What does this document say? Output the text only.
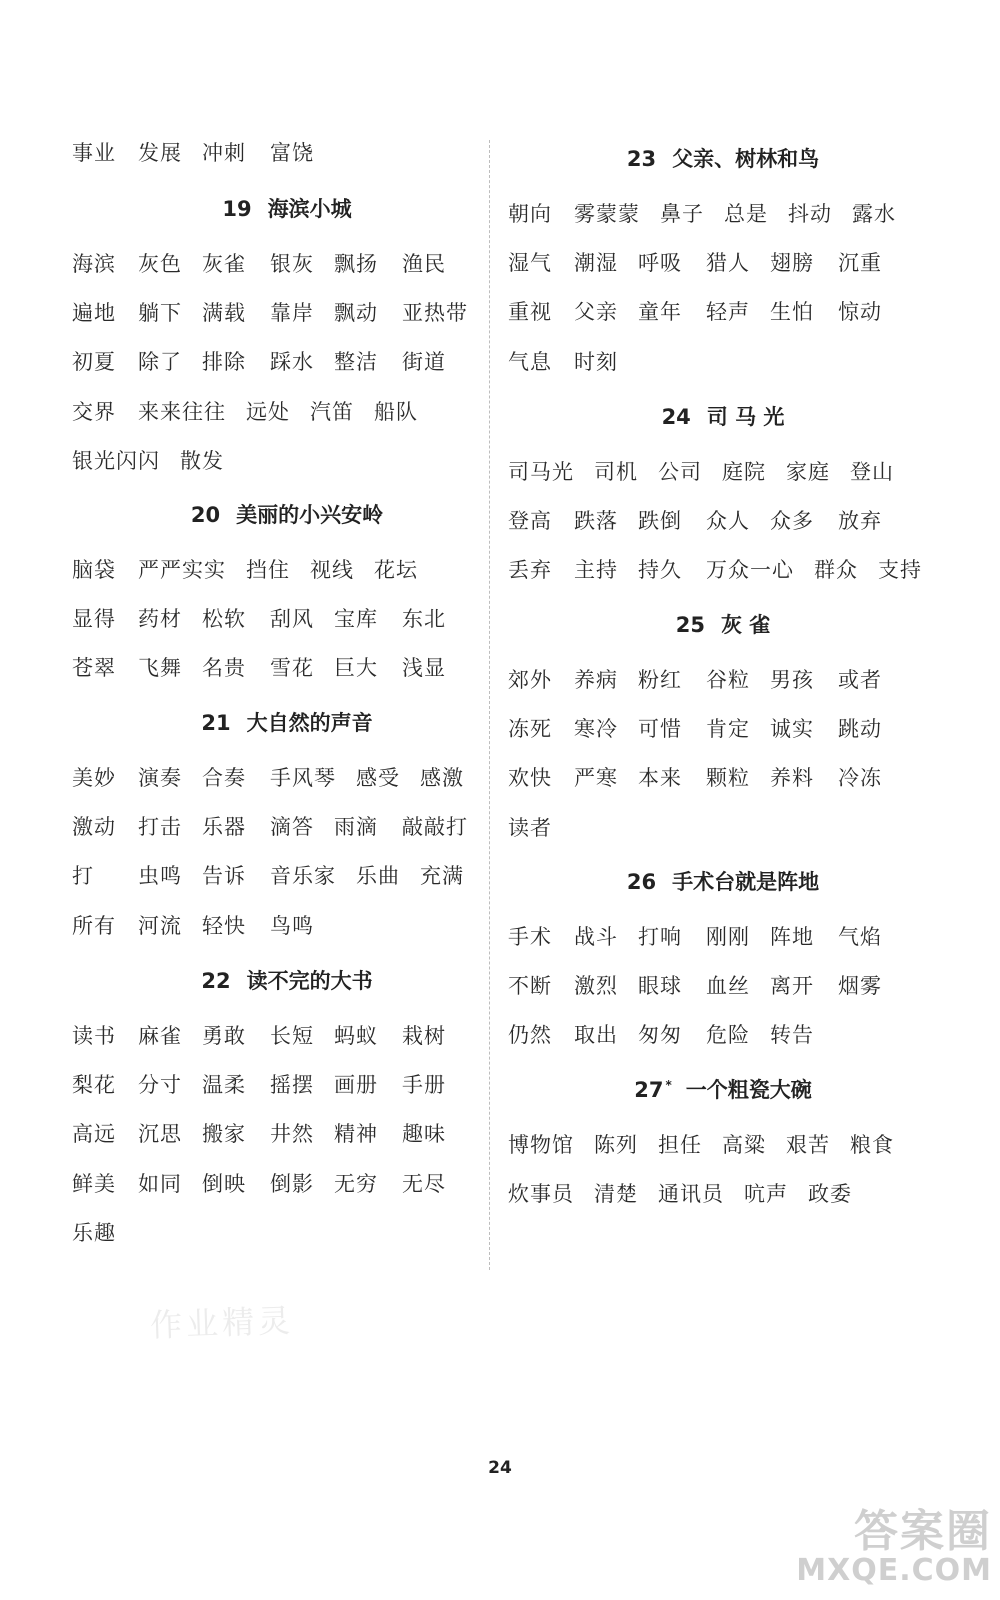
事业 发展 冲刺 富饶
19 海滨小城
海滨 灰色 灰雀 银灰 飘扬 渔民
遍地 躺下 满载 靠岸 飘动 亚热带
初夏 除了 排除 踩水 整洁 街道
交界 来来往往 远处 汽笛 船队
银光闪闪 散发
20 美丽的小兴安岭
脑袋 严严实实 挡住 视线 花坛
显得 药材 松软 刮风 宝库 东北
苍翠 飞舞 名贵 雪花 巨大 浅显
21 大自然的声音
美妙 演奏 合奏 手风琴 感受 感激
激动 打击 乐器 滴答 雨滴 敲敲打
打 虫鸣 告诉 音乐家 乐曲 充满
所有 河流 轻快 鸟鸣
22 读不完的大书
读书 麻雀 勇敢 长短 蚂蚁 栽树
梨花 分寸 温柔 摇摆 画册 手册
高远 沉思 搬家 井然 精神 趣味
鲜美 如同 倒映 倒影 无穷 无尽
乐趣
23 父亲、树林和鸟
朝向 雾蒙蒙 鼻子 总是 抖动 露水
湿气 潮湿 呼吸 猎人 翅膀 沉重
重视 父亲 童年 轻声 生怕 惊动
气息 时刻
24 司 马 光
司马光 司机 公司 庭院 家庭 登山
登高 跌落 跌倒 众人 众多 放弃
丢弃 主持 持久 万众一心 群众 支持
25 灰 雀
郊外 养病 粉红 谷粒 男孩 或者
冻死 寒冷 可惜 肯定 诚实 跳动
欢快 严寒 本来 颗粒 养料 冷冻
读者
26 手术台就是阵地
手术 战斗 打响 刚刚 阵地 气焰
不断 激烈 眼球 血丝 离开 烟雾
仍然 取出 匆匆 危险 转告
27 * 一个粗瓷大碗
博物馆 陈列 担任 高粱 艰苦 粮食
炊事员 清楚 通讯员 吭声 政委
作业精灵
24
答案圈
MXQE.COM
